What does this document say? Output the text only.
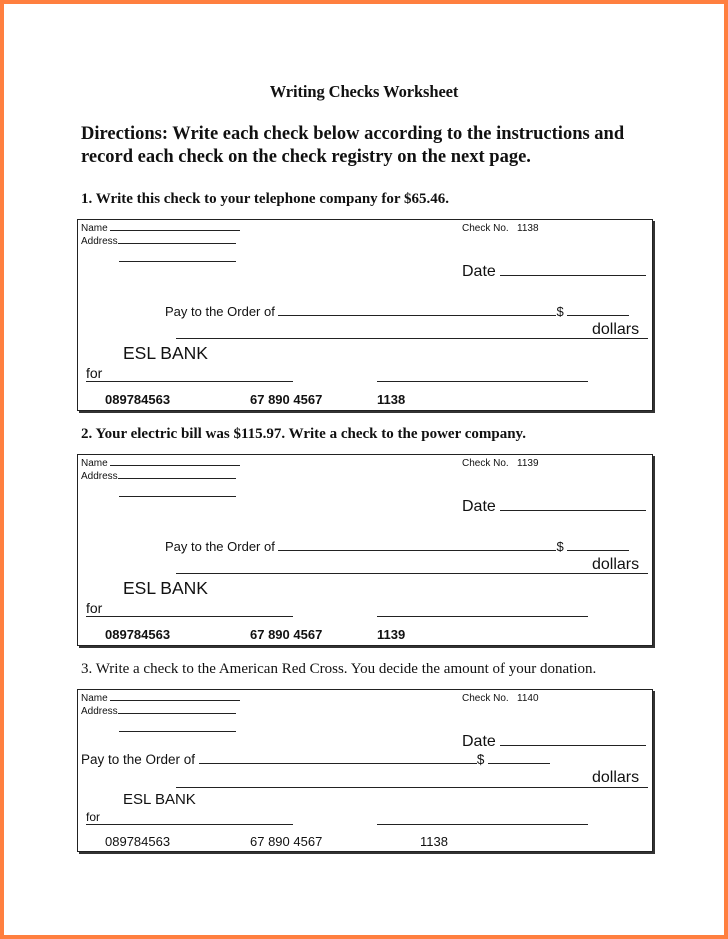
Writing Checks Worksheet
Directions: Write each check below according to the instructions and record each check on the check registry on the next page.
1. Write this check to your telephone company for $65.46.
Name
Address
Check No. 1138
Date
Pay to the Order of	$
dollars
ESL BANK
for
089784563	67 890 4567	1138
2. Your electric bill was $115.97. Write a check to the power company.
Name
Address
Check No. 1139
Date
Pay to the Order of	$
dollars
ESL BANK
for
089784563	67 890 4567	1139
3. Write a check to the American Red Cross. You decide the amount of your donation.
Name
Address
Check No. 1140
Date
Pay to the Order of	$
dollars
ESL BANK
for
089784563	67 890 4567	1138
